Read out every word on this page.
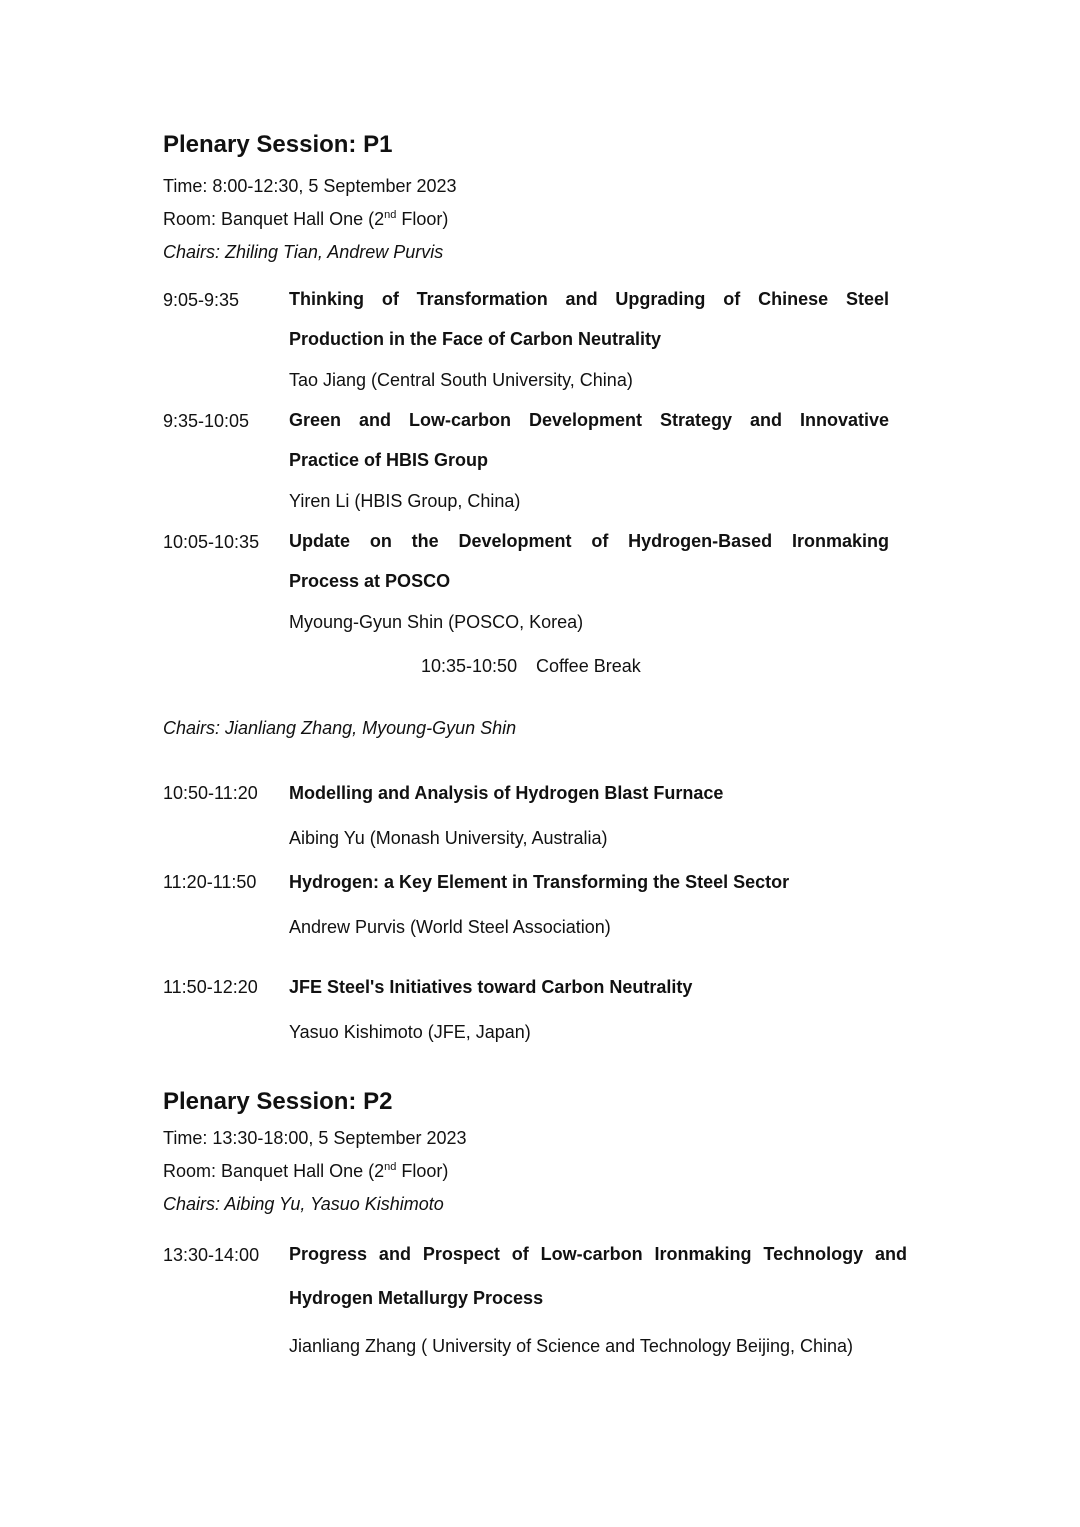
Plenary Session: P1
Time: 8:00-12:30, 5 September 2023
Room: Banquet Hall One (2nd Floor)
Chairs: Zhiling Tian, Andrew Purvis
9:05-9:35	Thinking of Transformation and Upgrading of Chinese Steel
Production in the Face of Carbon Neutrality
Tao Jiang (Central South University, China)
9:35-10:05 Green and Low-carbon Development Strategy and Innovative
Practice of HBIS Group
Yiren Li (HBIS Group, China)
10:05-10:35 Update on the Development of Hydrogen-Based Ironmaking
Process at POSCO
Myoung-Gyun Shin (POSCO, Korea)
10:35-10:50 Coffee Break
Chairs: Jianliang Zhang, Myoung-Gyun Shin
10:50-11:20 Modelling and Analysis of Hydrogen Blast Furnace
Aibing Yu (Monash University, Australia)
11:20-11:50 Hydrogen: a Key Element in Transforming the Steel Sector
Andrew Purvis (World Steel Association)
11:50-12:20 JFE Steel's Initiatives toward Carbon Neutrality
Yasuo Kishimoto (JFE, Japan)
Plenary Session: P2
Time: 13:30-18:00, 5 September 2023
Room: Banquet Hall One (2nd Floor)
Chairs: Aibing Yu, Yasuo Kishimoto
13:30-14:00 Progress and Prospect of Low-carbon Ironmaking Technology and
Hydrogen Metallurgy Process
Jianliang Zhang ( University of Science and Technology Beijing, China)
